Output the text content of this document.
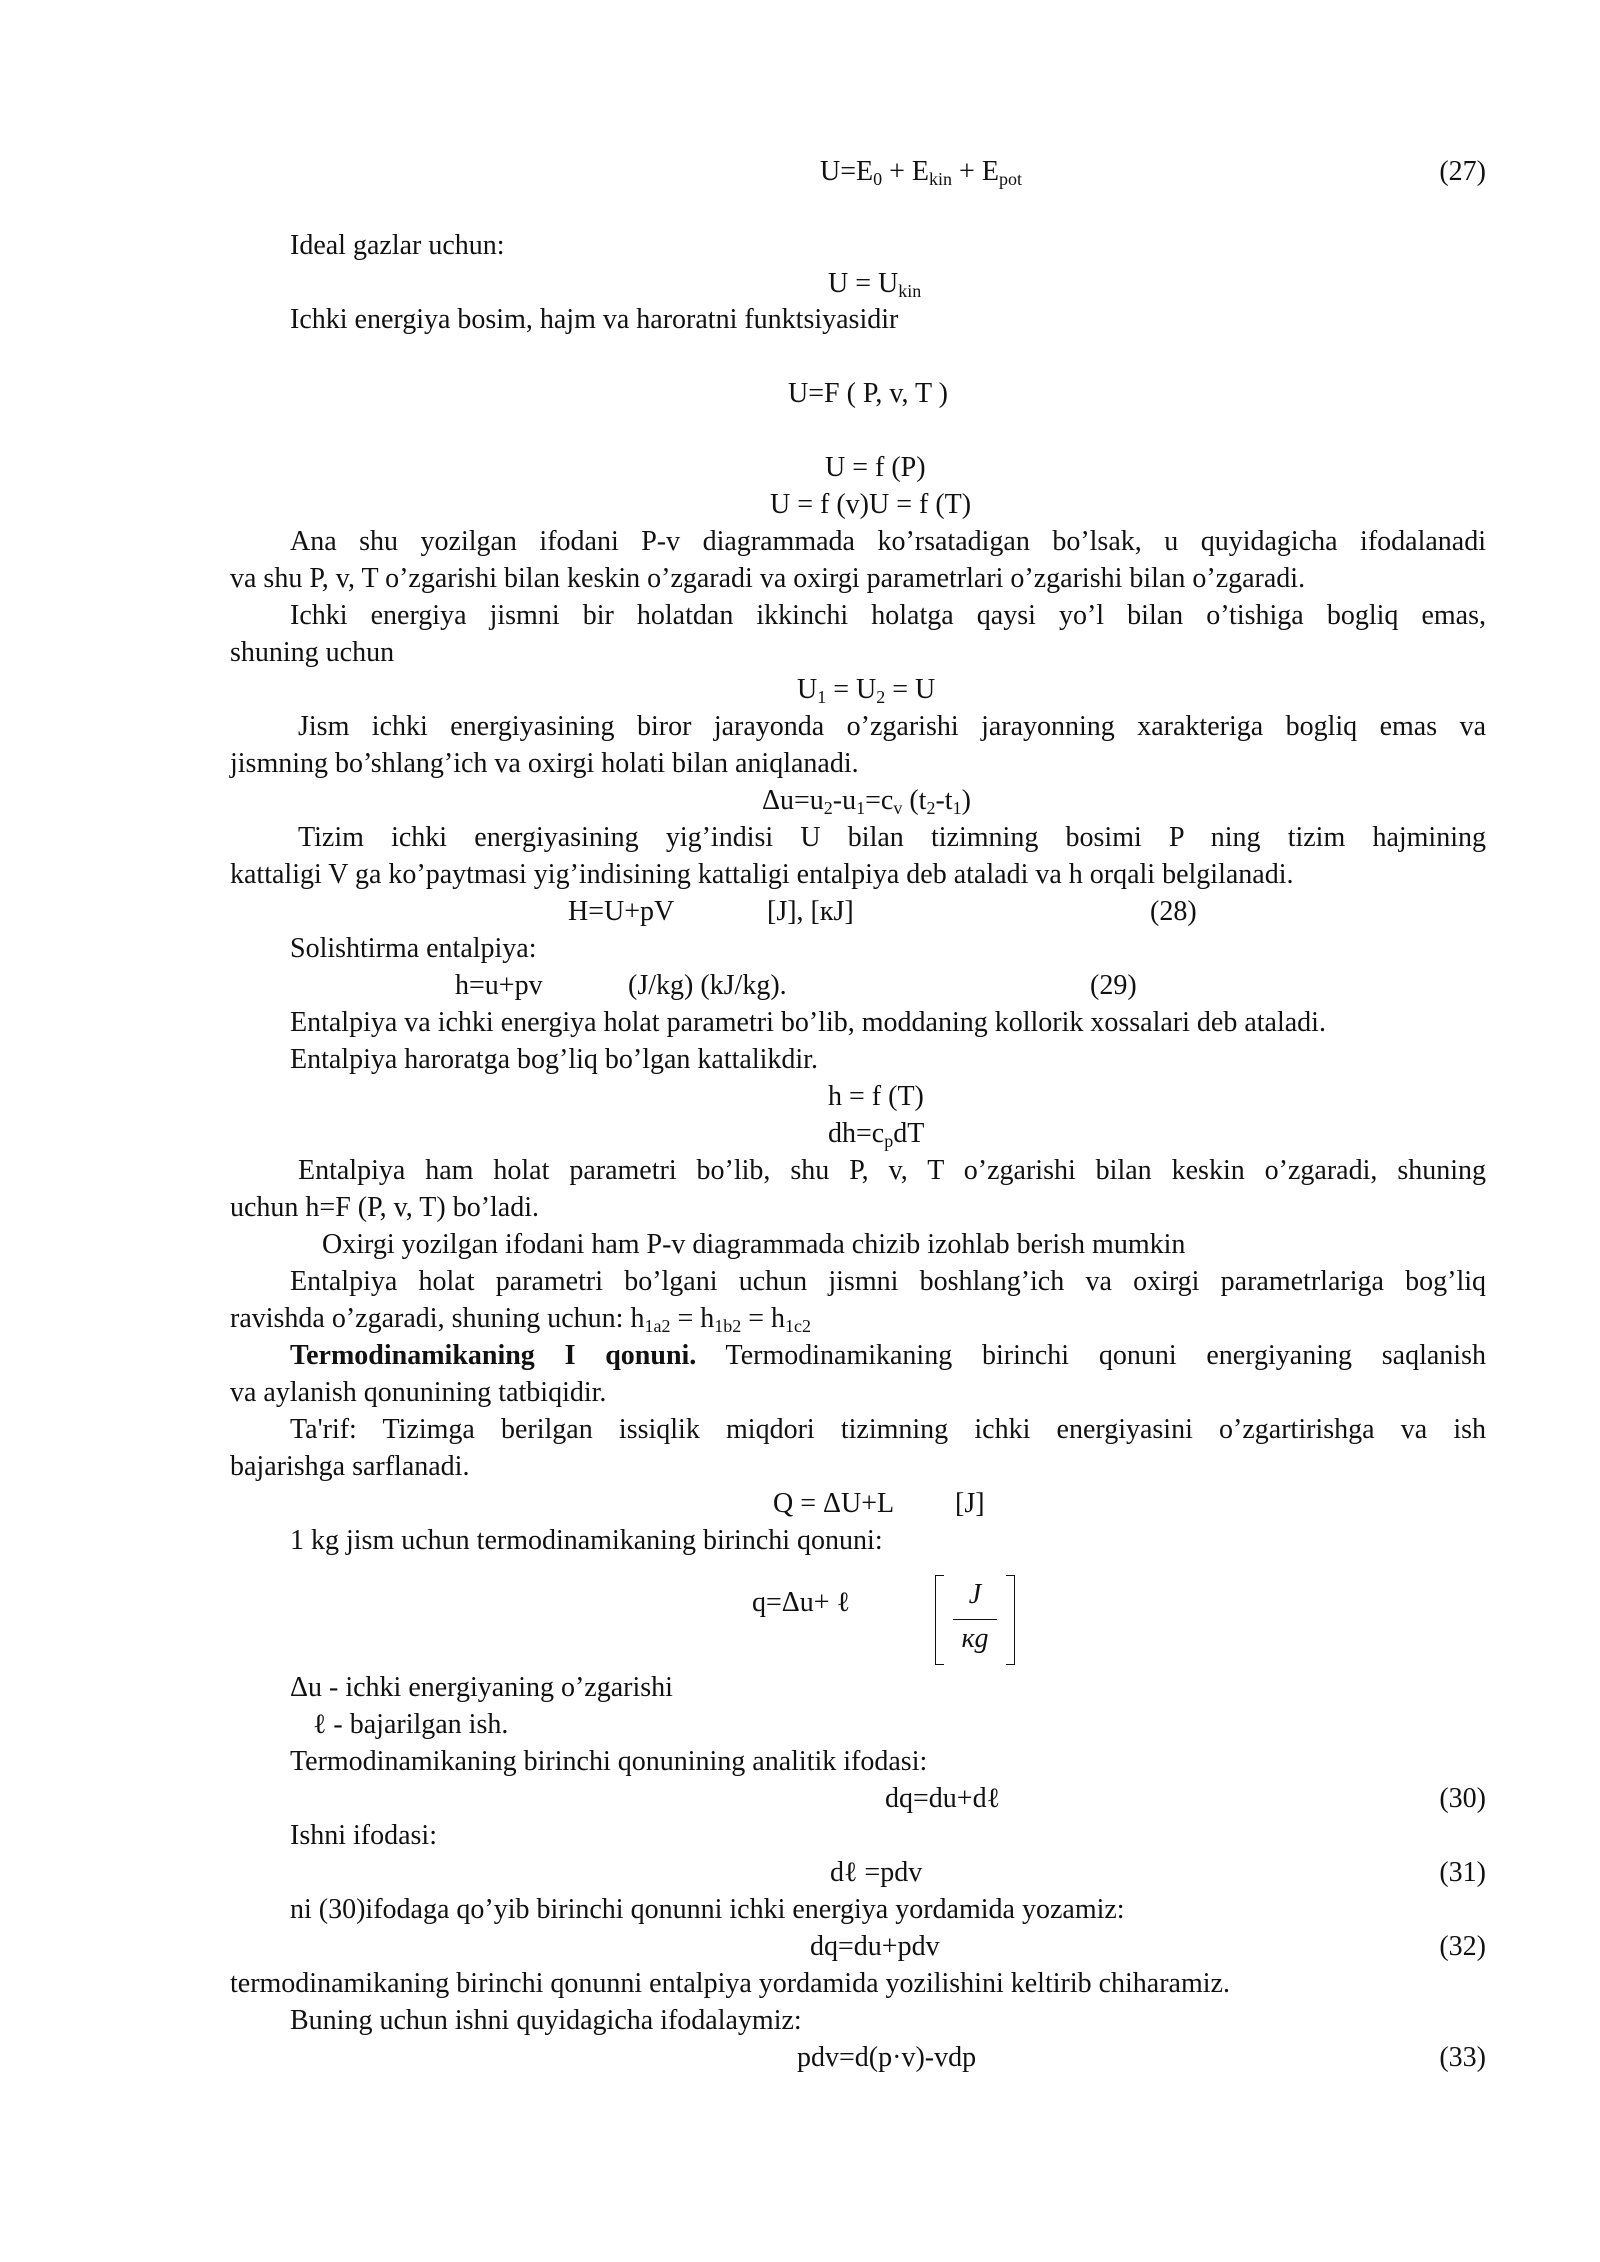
$U=E_0 + E_{kin} + E_{pot}$	(27)
Ideal gazlar uchun:
$U = U_{kin}$
Ichki energiya bosim, hajm va haroratni funktsiyasidir
U=F ( P, v, T )
U = f (P)
U = f (v)U = f (T)
Ana shu yozilgan ifodani P-v diagrammada ko’rsatadigan bo’lsak, u quyidagicha ifodalanadi
va shu P, v, T o’zgarishi bilan keskin o’zgaradi va oxirgi parametrlari o’zgarishi bilan o’zgaradi.
Ichki energiya jismni bir holatdan ikkinchi holatga qaysi yo’l bilan o’tishiga bogliq emas,
shuning uchun
$U_1 = U_2 = U$
Jism ichki energiyasining biror jarayonda o’zgarishi jarayonning xarakteriga bogliq emas va
jismning bo’shlang’ich va oxirgi holati bilan aniqlanadi.
$\Delta u=u_2-u_1=c_v$ $(t_2-t_1)$
Tizim ichki energiyasining yig’indisi U bilan tizimning bosimi P ning tizim hajmining
kattaligi V ga ko’paytmasi yig’indisining kattaligi entalpiya deb ataladi va h orqali belgilanadi.
H=U+pV	[J], [кJ]	(28)
Solishtirma entalpiya:
h=u+pv	(J/kg) (kJ/kg).	(29)
Entalpiya va ichki energiya holat parametri bo’lib, moddaning kollorik xossalari deb ataladi.
Entalpiya haroratga bog’liq bo’lgan kattalikdir.
h = f (T)
$dh=c_pdT$
Entalpiya ham holat parametri bo’lib, shu P, v, T o’zgarishi bilan keskin o’zgaradi, shuning
uchun h=F (P, v, T) bo’ladi.
Oxirgi yozilgan ifodani ham P-v diagrammada chizib izohlab berish mumkin
Entalpiya holat parametri bo’lgani uchun jismni boshlang’ich va oxirgi parametrlariga bog’liq
ravishda o’zgaradi, shuning uchun: $h_{1a2} = h_{1b2} = h_{1c2}$
Termodinamikaning I qonuni. Termodinamikaning birinchi qonuni energiyaning saqlanish
va aylanish qonunining tatbiqidir.
Ta'rif: Tizimga berilgan issiqlik miqdori tizimning ichki energiyasini o’zgartirishga va ish
bajarishga sarflanadi.
Q = ΔU+L [J]
1 kg jism uchun termodinamikaning birinchi qonuni:
q=Δu+ ℓ	J
кg
Δu - ichki energiyaning o’zgarishi
ℓ - bajarilgan ish.
Termodinamikaning birinchi qonunining analitik ifodasi:
dq=du+dℓ	(30)
Ishni ifodasi:
dℓ =pdv	(31)
ni (30)ifodaga qo’yib birinchi qonunni ichki energiya yordamida yozamiz:
dq=du+pdv	(32)
termodinamikaning birinchi qonunni entalpiya yordamida yozilishini keltirib chiharamiz.
Buning uchun ishni quyidagicha ifodalaymiz:
pdv=d(p·v)-vdp	(33)
